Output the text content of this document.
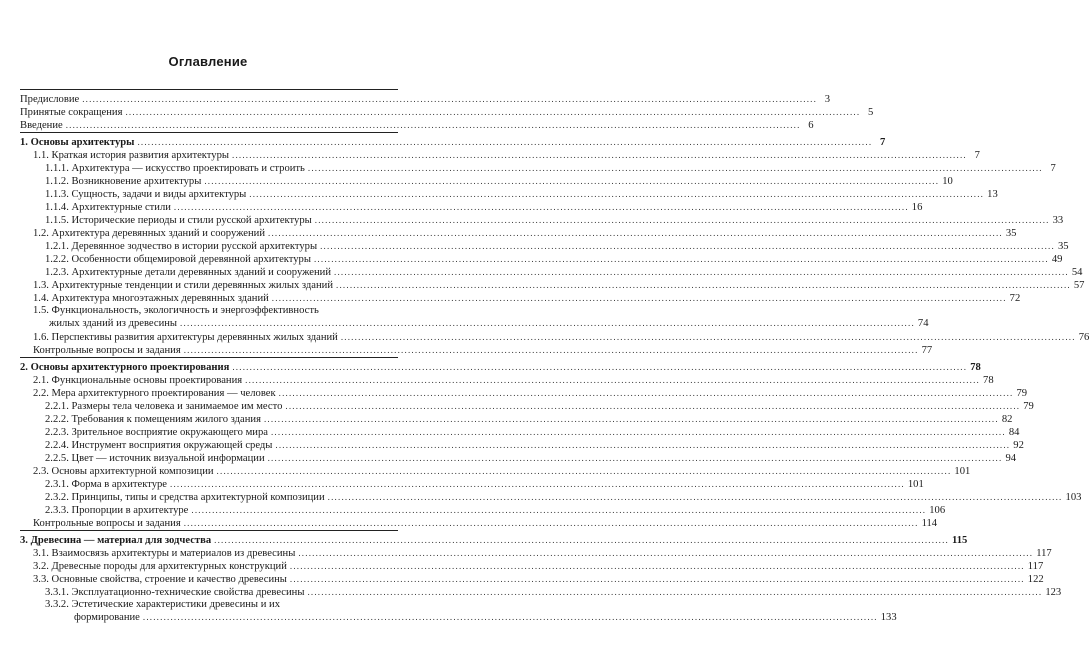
Оглавление
Предисловие .....	3
Принятые сокращения .....	5
Введение .....	6
1. Основы архитектуры .....	7
1.1. Краткая история развития архитектуры .....	7
1.1.1. Архитектура — искусство проектировать и строить .....	7
1.1.2. Возникновение архитектуры .....	10
1.1.3. Сущность, задачи и виды архитектуры .....	13
1.1.4. Архитектурные стили .....	16
1.1.5. Исторические периоды и стили русской архитектуры .....	33
1.2. Архитектура деревянных зданий и сооружений .....	35
1.2.1. Деревянное зодчество в истории русской архитектуры .....	35
1.2.2. Особенности общемировой деревянной архитектуры .....	49
1.2.3. Архитектурные детали деревянных зданий и сооружений .....	54
1.3. Архитектурные тенденции и стили деревянных жилых зданий .....	57
1.4. Архитектура многоэтажных деревянных зданий .....	72
1.5. Функциональность, экологичность и энергоэффективность
жилых зданий из древесины .....	74
1.6. Перспективы развития архитектуры деревянных жилых зданий .....	76
Контрольные вопросы и задания .....	77
2. Основы архитектурного проектирования .....	78
2.1. Функциональные основы проектирования .....	78
2.2. Мера архитектурного проектирования — человек .....	79
2.2.1. Размеры тела человека и занимаемое им место .....	79
2.2.2. Требования к помещениям жилого здания .....	82
2.2.3. Зрительное восприятие окружающего мира .....	84
2.2.4. Инструмент восприятия окружающей среды .....	92
2.2.5. Цвет — источник визуальной информации .....	94
2.3. Основы архитектурной композиции .....	101
2.3.1. Форма в архитектуре .....	101
2.3.2. Принципы, типы и средства архитектурной композиции .....	103
2.3.3. Пропорции в архитектуре .....	106
Контрольные вопросы и задания .....	114
3. Древесина — материал для зодчества .....	115
3.1. Взаимосвязь архитектуры и материалов из древесины .....	117
3.2. Древесные породы для архитектурных конструкций .....	117
3.3. Основные свойства, строение и качество древесины .....	122
3.3.1. Эксплуатационно-технические свойства древесины .....	123
3.3.2. Эстетические характеристики древесины и их
формирование .....	133
